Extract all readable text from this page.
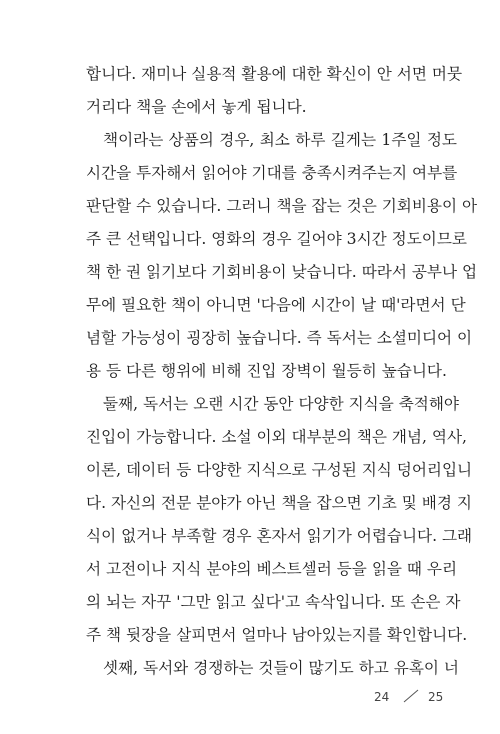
합니다. 재미나 실용적 활용에 대한 확신이 안 서면 머뭇
거리다 책을 손에서 놓게 됩니다.
책이라는 상품의 경우, 최소 하루 길게는 1주일 정도
시간을 투자해서 읽어야 기대를 충족시켜주는지 여부를
판단할 수 있습니다. 그러니 책을 잡는 것은 기회비용이 아
주 큰 선택입니다. 영화의 경우 길어야 3시간 정도이므로
책 한 권 읽기보다 기회비용이 낮습니다. 따라서 공부나 업
무에 필요한 책이 아니면 '다음에 시간이 날 때'라면서 단
념할 가능성이 굉장히 높습니다. 즉 독서는 소셜미디어 이
용 등 다른 행위에 비해 진입 장벽이 월등히 높습니다.
둘째, 독서는 오랜 시간 동안 다양한 지식을 축적해야
진입이 가능합니다. 소설 이외 대부분의 책은 개념, 역사,
이론, 데이터 등 다양한 지식으로 구성된 지식 덩어리입니
다. 자신의 전문 분야가 아닌 책을 잡으면 기초 및 배경 지
식이 없거나 부족할 경우 혼자서 읽기가 어렵습니다. 그래
서 고전이나 지식 분야의 베스트셀러 등을 읽을 때 우리
의 뇌는 자꾸 '그만 읽고 싶다'고 속삭입니다. 또 손은 자
주 책 뒷장을 살피면서 얼마나 남아있는지를 확인합니다.
셋째, 독서와 경쟁하는 것들이 많기도 하고 유혹이 너
24	25
